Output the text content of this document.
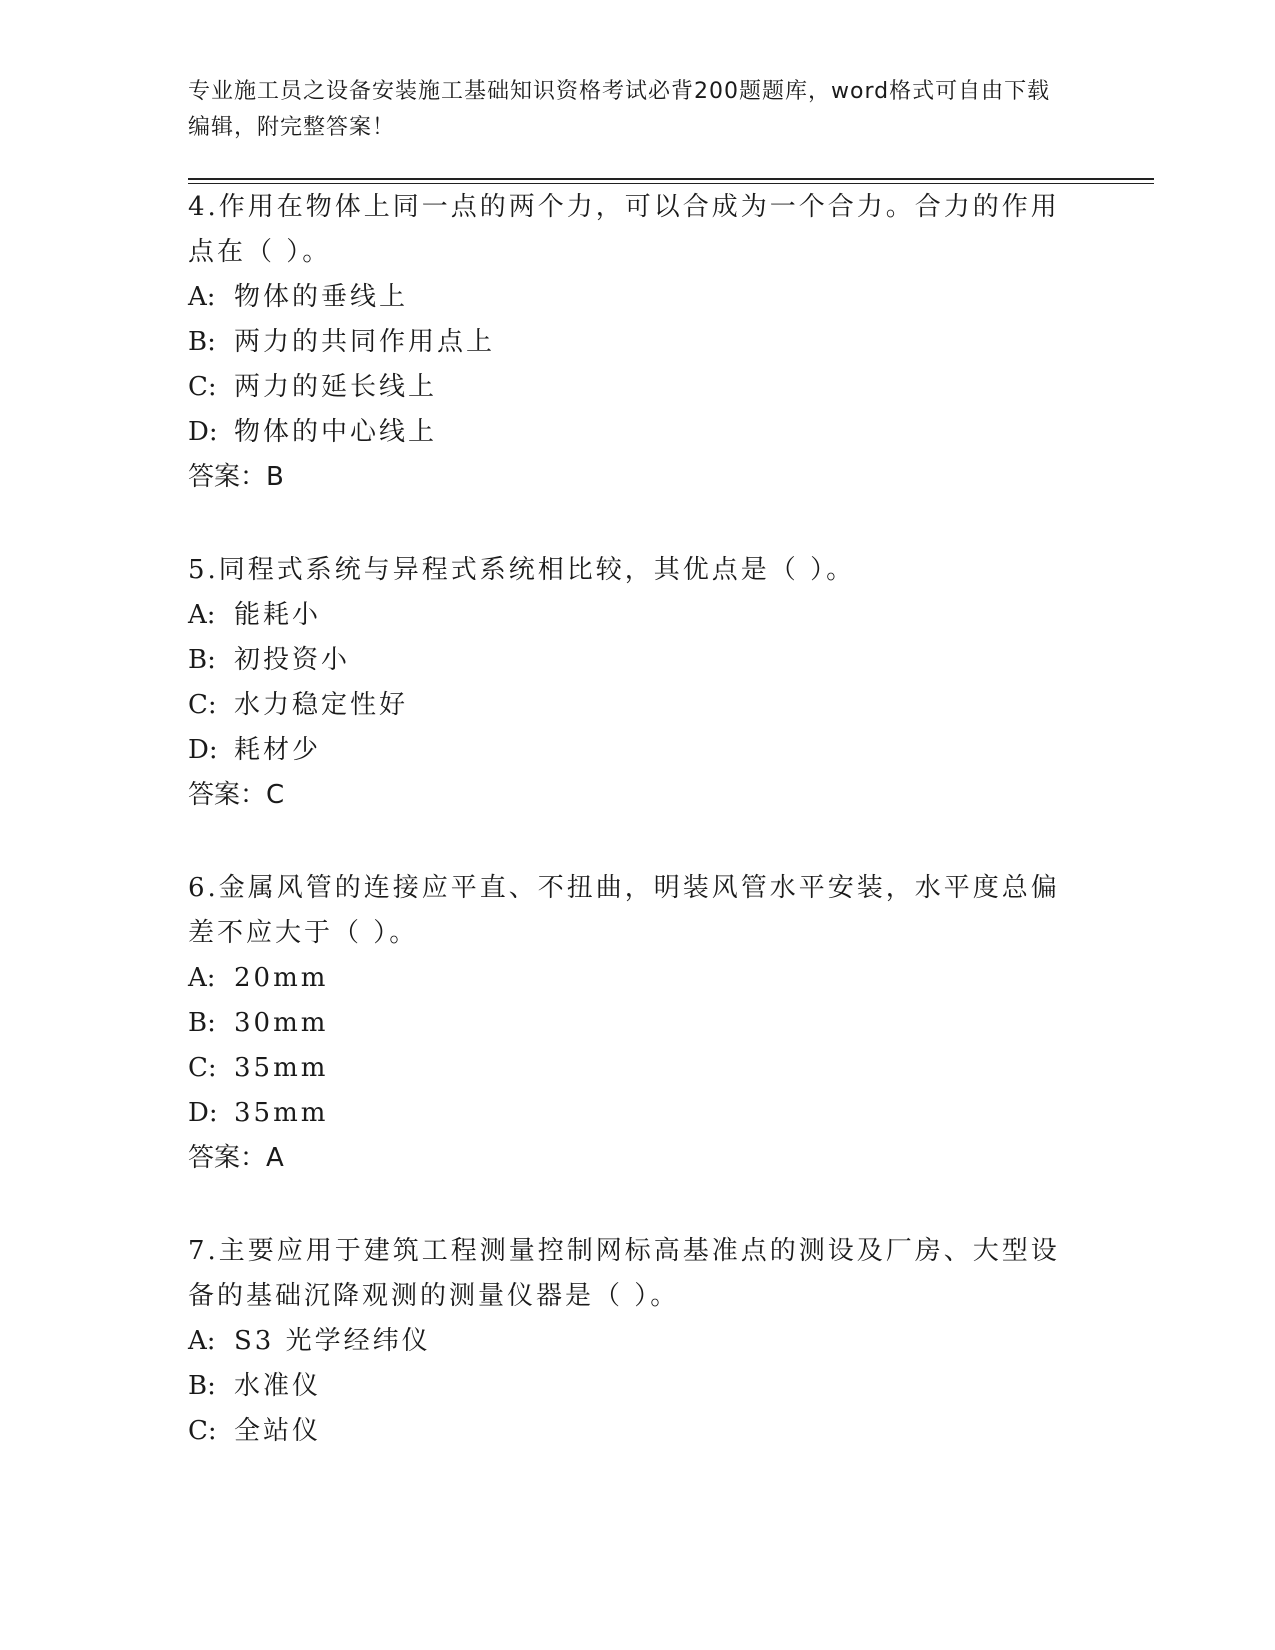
专业施工员之设备安装施工基础知识资格考试必背200题题库，word格式可自由下载编辑，附完整答案！
4.作用在物体上同一点的两个力，可以合成为一个合力。合力的作用点在（ ）。
A: 物体的垂线上
B: 两力的共同作用点上
C: 两力的延长线上
D: 物体的中心线上
答案：B
5.同程式系统与异程式系统相比较，其优点是（ ）。
A: 能耗小
B: 初投资小
C: 水力稳定性好
D: 耗材少
答案：C
6.金属风管的连接应平直、不扭曲，明装风管水平安装，水平度总偏差不应大于（ ）。
A: 20mm
B: 30mm
C: 35mm
D: 35mm
答案：A
7.主要应用于建筑工程测量控制网标高基准点的测设及厂房、大型设备的基础沉降观测的测量仪器是（ ）。
A: S3 光学经纬仪
B: 水准仪
C: 全站仪
